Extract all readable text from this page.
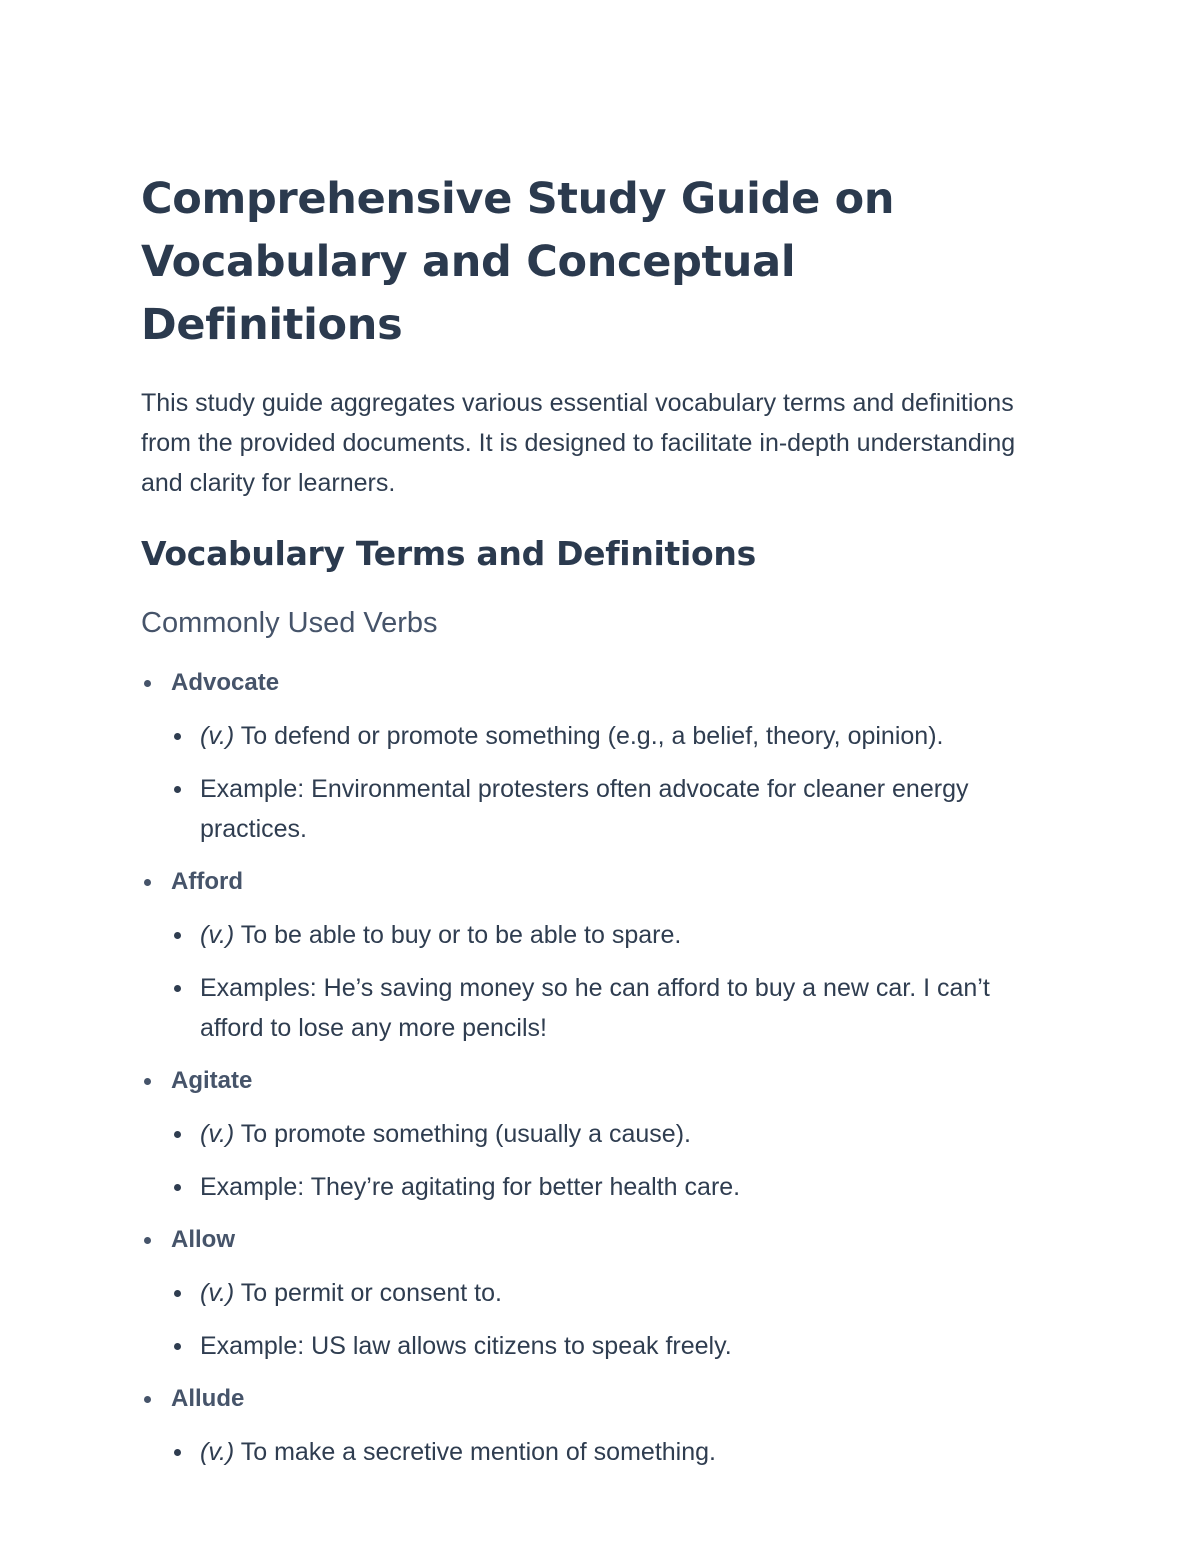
Comprehensive Study Guide on
Vocabulary and Conceptual Definitions

This study guide aggregates various essential vocabulary terms and definitions from the provided documents. It is designed to facilitate in-depth understanding and clarity for learners.

Vocabulary Terms and Definitions
Commonly Used Verbs
Advocate
(v.) To defend or promote something (e.g., a belief, theory, opinion).
Example: Environmental protesters often advocate for cleaner energy practices.
Afford
(v.) To be able to buy or to be able to spare.
Examples: He’s saving money so he can afford to buy a new car. I can’t afford to lose any more pencils!
Agitate
(v.) To promote something (usually a cause).
Example: They’re agitating for better health care.
Allow
(v.) To permit or consent to.
Example: US law allows citizens to speak freely.
Allude
(v.) To make a secretive mention of something.
